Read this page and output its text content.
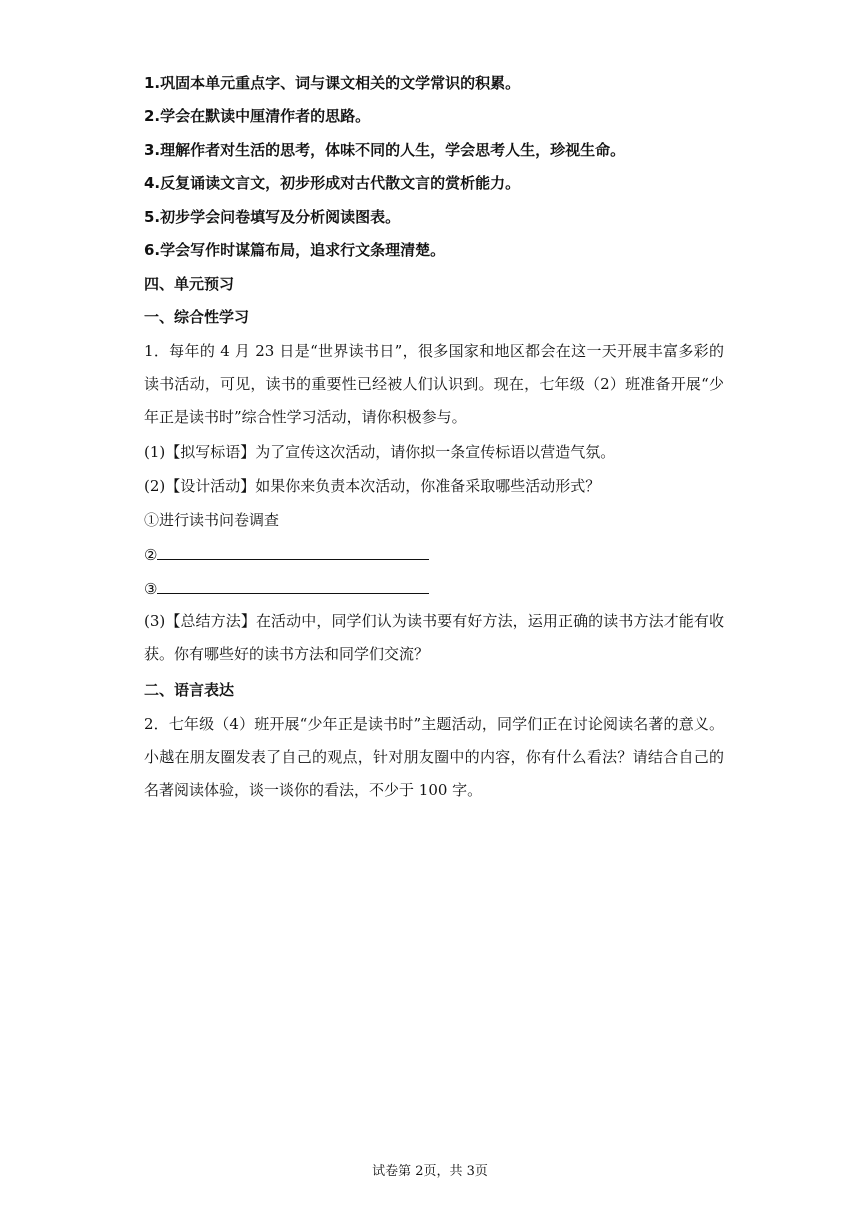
1.巩固本单元重点字、词与课文相关的文学常识的积累。
2.学会在默读中厘清作者的思路。
3.理解作者对生活的思考，体味不同的人生，学会思考人生，珍视生命。
4.反复诵读文言文，初步形成对古代散文言的赏析能力。
5.初步学会问卷填写及分析阅读图表。
6.学会写作时谋篇布局，追求行文条理清楚。
四、单元预习
一、综合性学习
1．每年的 4 月 23 日是“世界读书日”，很多国家和地区都会在这一天开展丰富多彩的读书活动，可见，读书的重要性已经被人们认识到。现在，七年级（2）班准备开展“少年正是读书时”综合性学习活动，请你积极参与。
(1)【拟写标语】为了宣传这次活动，请你拟一条宣传标语以营造气氛。
(2)【设计活动】如果你来负责本次活动，你准备采取哪些活动形式？
①进行读书问卷调查
②
③
(3)【总结方法】在活动中，同学们认为读书要有好方法，运用正确的读书方法才能有收获。你有哪些好的读书方法和同学们交流？
二、语言表达
2．七年级（4）班开展“少年正是读书时”主题活动，同学们正在讨论阅读名著的意义。小越在朋友圈发表了自己的观点，针对朋友圈中的内容，你有什么看法？请结合自己的名著阅读体验，谈一谈你的看法，不少于 100 字。
试卷第 2页，共 3页
